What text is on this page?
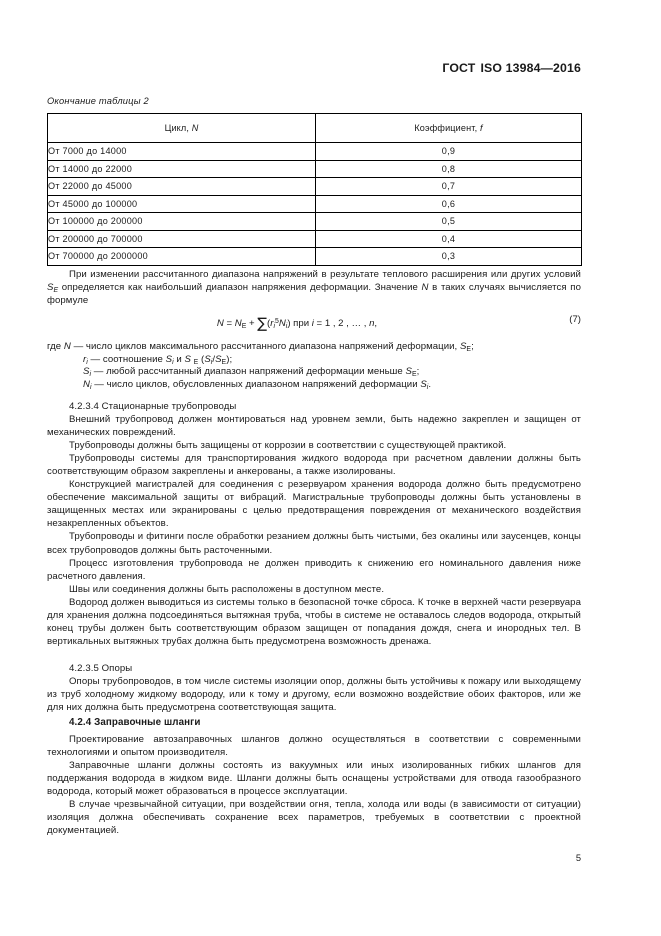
ГОСТ ISO 13984—2016
Окончание таблицы 2
Цикл, N	Коэффициент, f
От 7000 до 14000	0,9
От 14000 до 22000	0,8
От 22000 до 45000	0,7
От 45000 до 100000	0,6
От 100000 до 200000	0,5
От 200000 до 700000	0,4
От 700000 до 2000000	0,3

При изменении рассчитанного диапазона напряжений в результате теплового расширения или других условий $S_E$ определяется как наибольший диапазон напряжения деформации. Значение N в таких случаях вычисляется по формуле

$N = N_E + \sum(r_i^5N_i)$ при i = 1 , 2 , … , n,	(7)
где N — число циклов максимального рассчитанного диапазона напряжений деформации, $S_E$;
$r_i$ — соотношение $S_i$ и S $_E$ $(S_i/S_E)$;
$S_i$ — любой рассчитанный диапазон напряжений деформации меньше $S_E$;
$N_i$ — число циклов, обусловленных диапазоном напряжений деформации $S_i$.

4.2.3.4 Стационарные трубопроводы

Внешний трубопровод должен монтироваться над уровнем земли, быть надежно закреплен и защищен от механических повреждений.

Трубопроводы должны быть защищены от коррозии в соответствии с существующей практикой.

Трубопроводы системы для транспортирования жидкого водорода при расчетном давлении должны быть соответствующим образом закреплены и анкерованы, а также изолированы.

Конструкцией магистралей для соединения с резервуаром хранения водорода должно быть предусмотрено обеспечение максимальной защиты от вибраций. Магистральные трубопроводы должны быть установлены в защищенных местах или экранированы с целью предотвращения повреждения от механического воздействия незакрепленных объектов.

Трубопроводы и фитинги после обработки резанием должны быть чистыми, без окалины или заусенцев, концы всех трубопроводов должны быть расточенными.

Процесс изготовления трубопровода не должен приводить к снижению его номинального давления ниже расчетного давления.

Швы или соединения должны быть расположены в доступном месте.

Водород должен выводиться из системы только в безопасной точке сброса. К точке в верхней части резервуара для хранения должна подсоединяться вытяжная труба, чтобы в системе не оставалось следов водорода, открытый конец трубы должен быть соответствующим образом защищен от попадания дождя, снега и инородных тел. В вертикальных вытяжных трубах должна быть предусмотрена возможность дренажа.

4.2.3.5 Опоры

Опоры трубопроводов, в том числе системы изоляции опор, должны быть устойчивы к пожару или выходящему из труб холодному жидкому водороду, или к тому и другому, если возможно воздействие обоих факторов, или же для них должна быть предусмотрена соответствующая защита.

4.2.4 Заправочные шланги

Проектирование автозаправочных шлангов должно осуществляться в соответствии с современными технологиями и опытом производителя.

Заправочные шланги должны состоять из вакуумных или иных изолированных гибких шлангов для поддержания водорода в жидком виде. Шланги должны быть оснащены устройствами для отвода газообразного водорода, который может образоваться в процессе эксплуатации.

В случае чрезвычайной ситуации, при воздействии огня, тепла, холода или воды (в зависимости от ситуации) изоляция должна обеспечивать сохранение всех параметров, требуемых в соответствии с проектной документацией.

5
